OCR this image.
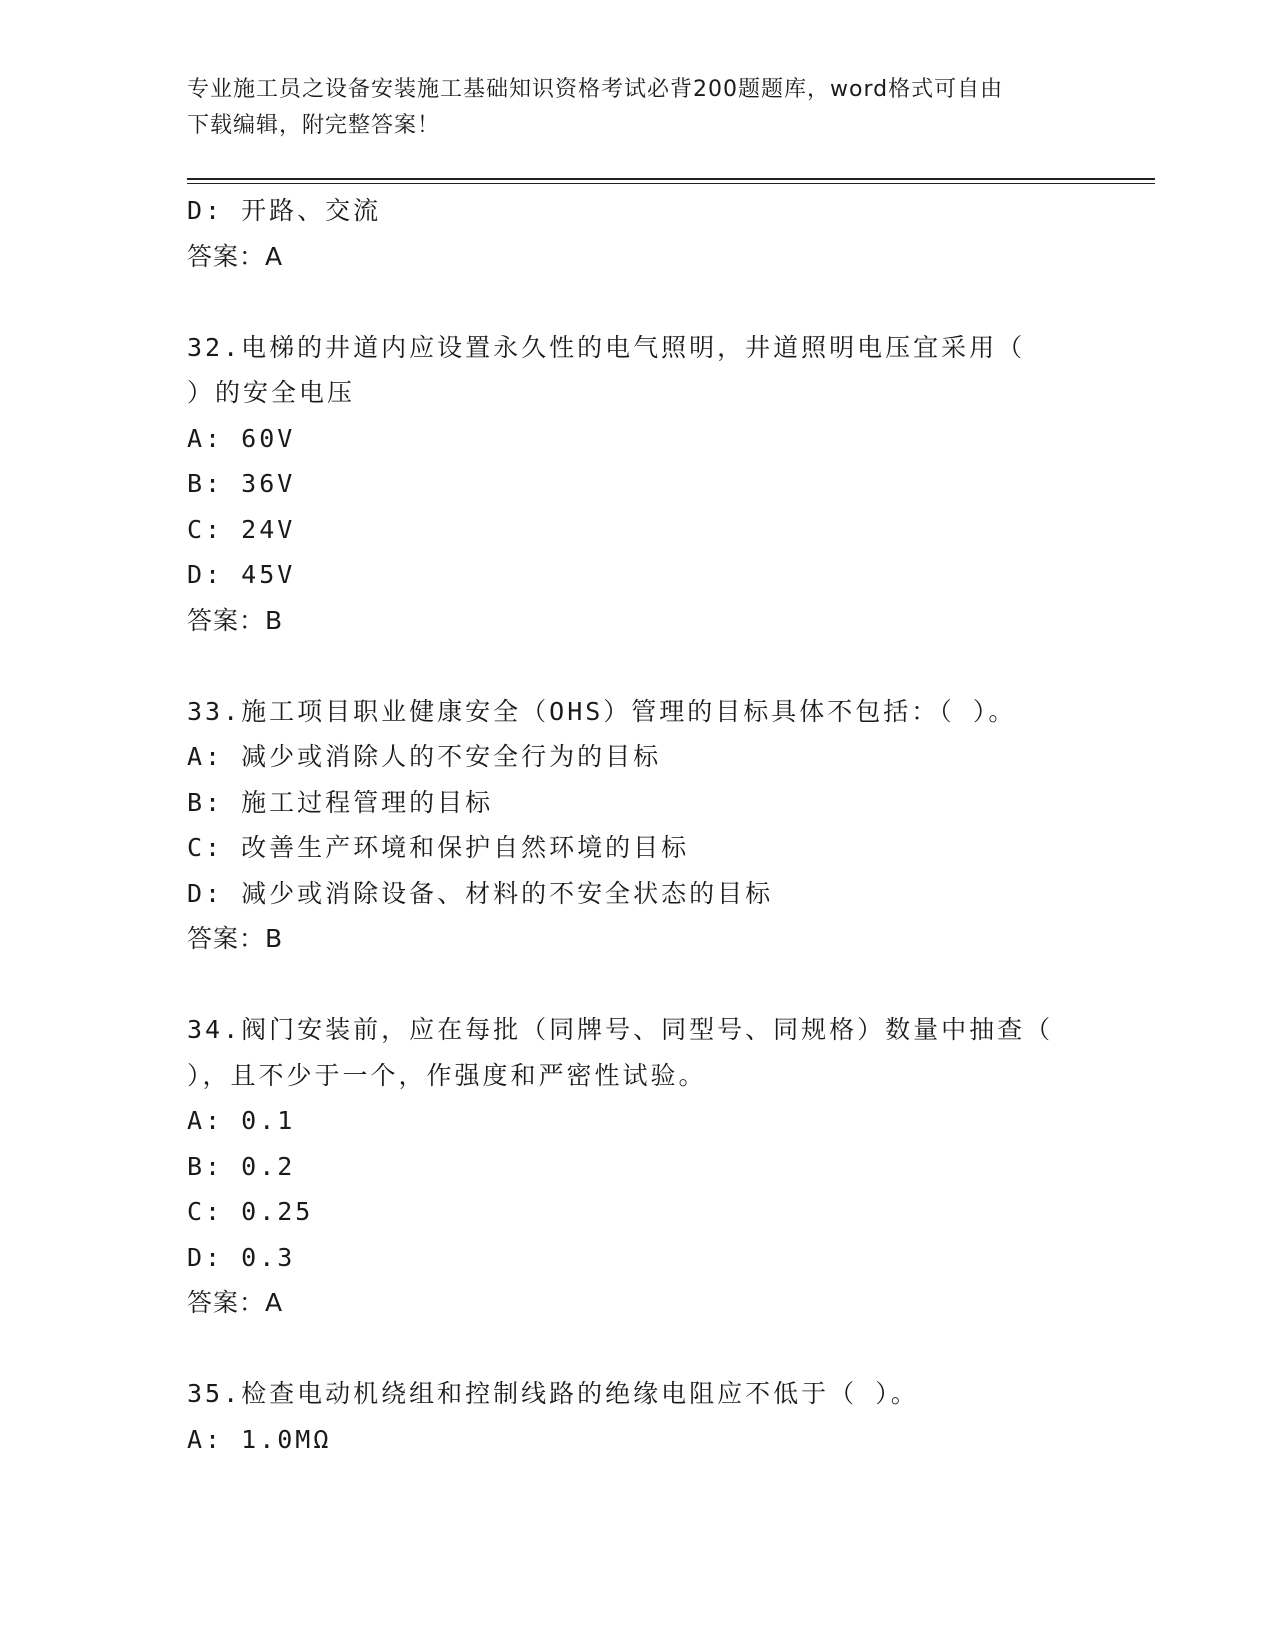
专业施工员之设备安装施工基础知识资格考试必背200题题库，word格式可自由
下载编辑，附完整答案！
D: 开路、交流
答案：A
32.电梯的井道内应设置永久性的电气照明，井道照明电压宜采用（
）的安全电压
A: 60V
B: 36V
C: 24V
D: 45V
答案：B
33.施工项目职业健康安全（OHS）管理的目标具体不包括：（ ）。
A: 减少或消除人的不安全行为的目标
B: 施工过程管理的目标
C: 改善生产环境和保护自然环境的目标
D: 减少或消除设备、材料的不安全状态的目标
答案：B
34.阀门安装前，应在每批（同牌号、同型号、同规格）数量中抽查（
），且不少于一个，作强度和严密性试验。
A: 0.1
B: 0.2
C: 0.25
D: 0.3
答案：A
35.检查电动机绕组和控制线路的绝缘电阻应不低于（ ）。
A: 1.0MΩ
